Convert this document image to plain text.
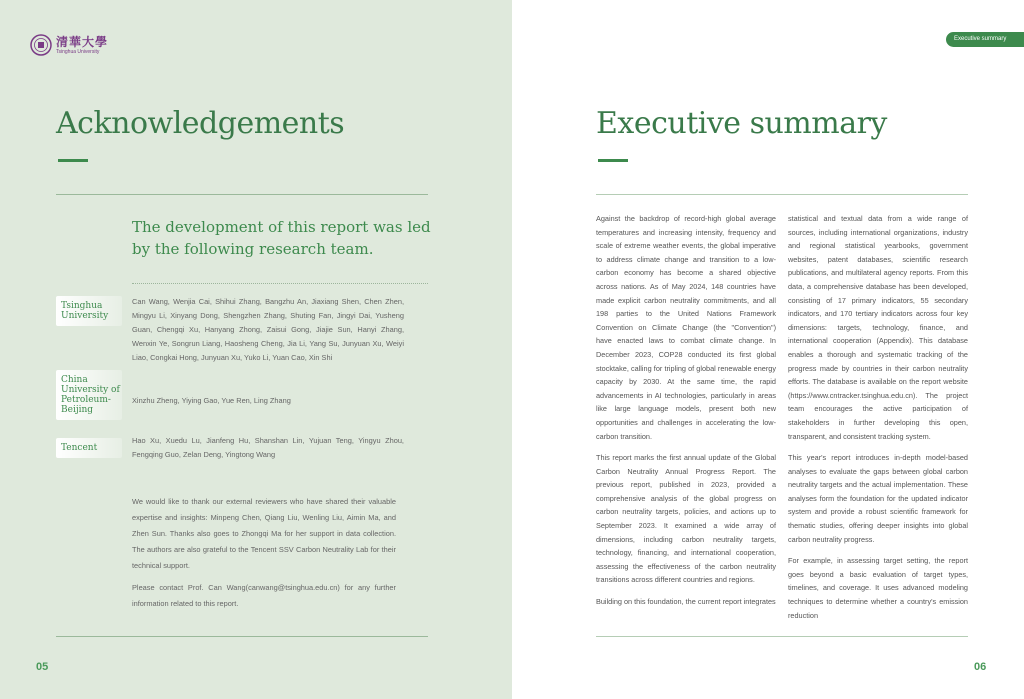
清華大學
Tsinghua University
Acknowledgements

The development of this report was led by the following research team.

Tsinghua University

Can Wang, Wenjia Cai, Shihui Zhang, Bangzhu An, Jiaxiang Shen, Chen Zhen, Mingyu Li, Xinyang Dong, Shengzhen Zhang, Shuting Fan, Jingyi Dai, Yusheng Guan, Chengqi Xu, Hanyang Zhong, Zaisui Gong, Jiajie Sun, Hanyi Zhang, Wenxin Ye, Songrun Liang, Haosheng Cheng, Jia Li, Yang Su, Junyuan Xu, Weiyi Liao, Congkai Hong, Junyuan Xu, Yuko Li, Yuan Cao, Xin Shi

China University of Petroleum-Beijing

Xinzhu Zheng, Yiying Gao, Yue Ren, Ling Zhang

Tencent

Hao Xu, Xuedu Lu, Jianfeng Hu, Shanshan Lin, Yujuan Teng, Yingyu Zhou, Fengqing Guo, Zelan Deng, Yingtong Wang

We would like to thank our external reviewers who have shared their valuable expertise and insights: Minpeng Chen, Qiang Liu, Wenling Liu, Aimin Ma, and Zhen Sun. Thanks also goes to Zhongqi Ma for her support in data collection. The authors are also grateful to the Tencent SSV Carbon Neutrality Lab for their technical support.

Please contact Prof. Can Wang(canwang@tsinghua.edu.cn) for any further information related to this report.

05
Executive summary
Executive summary

Against the backdrop of record-high global average temperatures and increasing intensity, frequency and scale of extreme weather events, the global imperative to address climate change and transition to a low-carbon economy has become a shared objective across nations. As of May 2024, 148 countries have made explicit carbon neutrality commitments, and all 198 parties to the United Nations Framework Convention on Climate Change (the "Convention") have enacted laws to combat climate change. In December 2023, COP28 conducted its first global stocktake, calling for tripling of global renewable energy capacity by 2030. At the same time, the rapid advancements in AI technologies, particularly in areas like large language models, present both new opportunities and challenges in accelerating the low-carbon transition.

This report marks the first annual update of the Global Carbon Neutrality Annual Progress Report. The previous report, published in 2023, provided a comprehensive analysis of the global progress on carbon neutrality targets, policies, and actions up to September 2023. It examined a wide array of dimensions, including carbon neutrality targets, technology, financing, and international cooperation, assessing the effectiveness of the carbon neutrality transitions across different countries and regions.

Building on this foundation, the current report integrates

statistical and textual data from a wide range of sources, including international organizations, industry and regional statistical yearbooks, government websites, patent databases, scientific research publications, and multilateral agency reports. From this data, a comprehensive database has been developed, consisting of 17 primary indicators, 55 secondary indicators, and 170 tertiary indicators across four key dimensions: targets, technology, finance, and international cooperation (Appendix). This database enables a thorough and systematic tracking of the progress made by countries in their carbon neutrality efforts. The database is available on the report website (https://www.cntracker.tsinghua.edu.cn). The project team encourages the active participation of stakeholders in further developing this open, transparent, and consistent tracking system.

This year's report introduces in-depth model-based analyses to evaluate the gaps between global carbon neutrality targets and the actual implementation. These analyses form the foundation for the updated indicator system and provide a robust scientific framework for thematic studies, offering deeper insights into global carbon neutrality progress.

For example, in assessing target setting, the report goes beyond a basic evaluation of target types, timelines, and coverage. It uses advanced modeling techniques to determine whether a country's emission reduction

06
